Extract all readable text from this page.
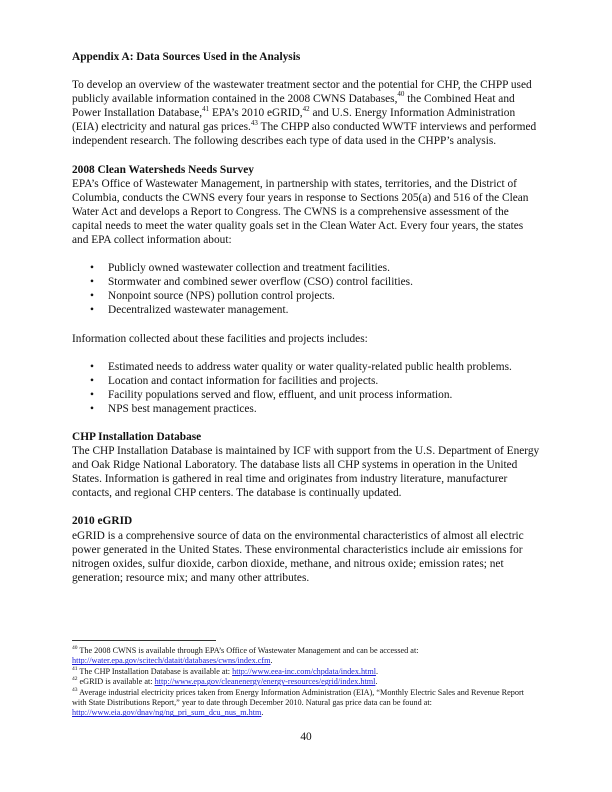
Appendix A: Data Sources Used in the Analysis

To develop an overview of the wastewater treatment sector and the potential for CHP, the CHPP used publicly available information contained in the 2008 CWNS Databases,$^{40}$ the Combined Heat and Power Installation Database,$^{41}$ EPA’s 2010 eGRID,$^{42}$ and U.S. Energy Information Administration (EIA) electricity and natural gas prices.$^{43}$ The CHPP also conducted WWTF interviews and performed independent research. The following describes each type of data used in the CHPP’s analysis.

2008 Clean Watersheds Needs Survey

EPA’s Office of Wastewater Management, in partnership with states, territories, and the District of Columbia, conducts the CWNS every four years in response to Sections 205(a) and 516 of the Clean Water Act and develops a Report to Congress. The CWNS is a comprehensive assessment of the capital needs to meet the water quality goals set in the Clean Water Act. Every four years, the states and EPA collect information about:

• Publicly owned wastewater collection and treatment facilities.
• Stormwater and combined sewer overflow (CSO) control facilities.
• Nonpoint source (NPS) pollution control projects.
• Decentralized wastewater management.

Information collected about these facilities and projects includes:

• Estimated needs to address water quality or water quality-related public health problems.
• Location and contact information for facilities and projects.
• Facility populations served and flow, effluent, and unit process information.
• NPS best management practices.
CHP Installation Database

The CHP Installation Database is maintained by ICF with support from the U.S. Department of Energy and Oak Ridge National Laboratory. The database lists all CHP systems in operation in the United States. Information is gathered in real time and originates from industry literature, manufacturer contacts, and regional CHP centers. The database is continually updated.

2010 eGRID

eGRID is a comprehensive source of data on the environmental characteristics of almost all electric power generated in the United States. These environmental characteristics include air emissions for nitrogen oxides, sulfur dioxide, carbon dioxide, methane, and nitrous oxide; emission rates; net generation; resource mix; and many other attributes.

$^{40}$ The 2008 CWNS is available through EPA’s Office of Wastewater Management and can be accessed at: http://water.epa.gov/scitech/datait/databases/cwns/index.cfm.
$^{41}$ The CHP Installation Database is available at: http://www.eea-inc.com/chpdata/index.html.
$^{42}$ eGRID is available at: http://www.epa.gov/cleanenergy/energy-resources/egrid/index.html.
$^{43}$ Average industrial electricity prices taken from Energy Information Administration (EIA), “Monthly Electric Sales and Revenue Report with State Distributions Report,” year to date through December 2010. Natural gas price data can be found at: http://www.eia.gov/dnav/ng/ng_pri_sum_dcu_nus_m.htm.
40
